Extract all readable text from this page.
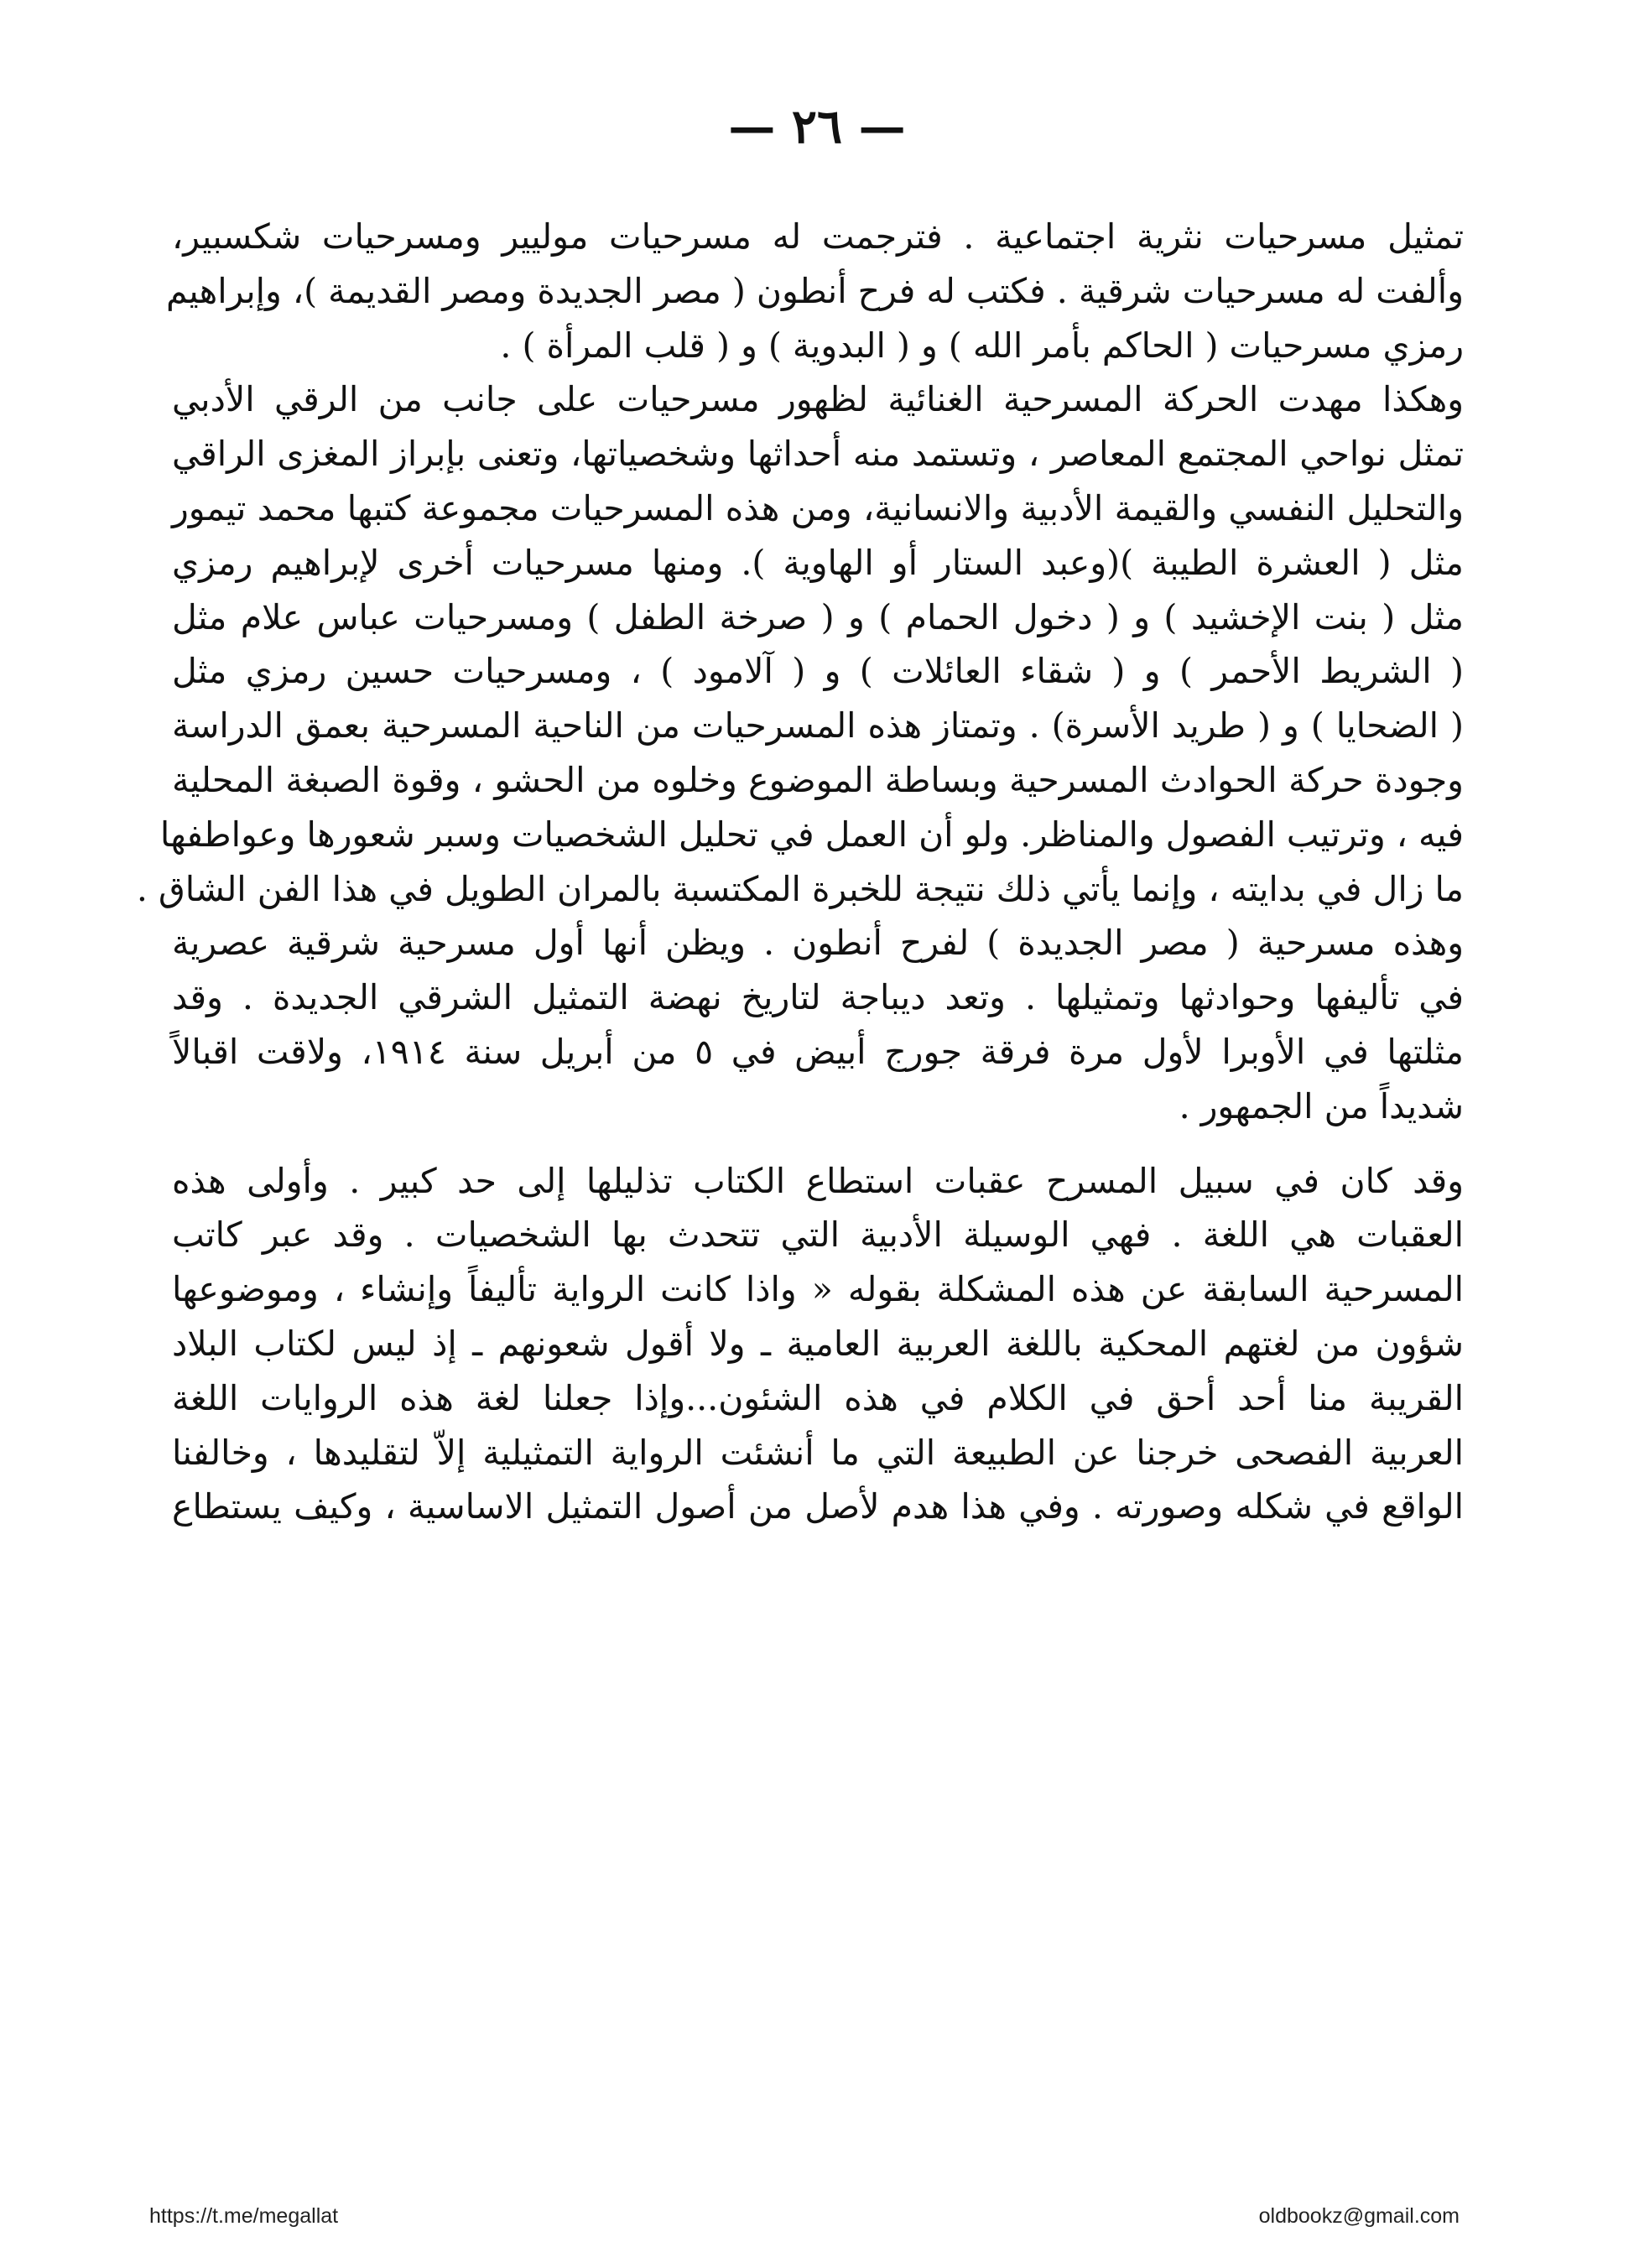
— ٢٦ —
تمثيل مسرحيات نثرية اجتماعية . فترجمت له مسرحيات موليير ومسرحيات شكسبير،
وألفت له مسرحيات شرقية . فكتب له فرح أنطون ( مصر الجديدة ومصر القديمة )، وإبراهيم
رمزي مسرحيات ( الحاكم بأمر الله ) و ( البدوية ) و ( قلب المرأة ) .
وهكذا مهدت الحركة المسرحية الغنائية لظهور مسرحيات على جانب من الرقي الأدبي
تمثل نواحي المجتمع المعاصر ، وتستمد منه أحداثها وشخصياتها، وتعنى بإبراز المغزى الراقي
والتحليل النفسي والقيمة الأدبية والانسانية، ومن هذه المسرحيات مجموعة كتبها محمد تيمور
مثل ( العشرة الطيبة )(وعبد الستار أو الهاوية ). ومنها مسرحيات أخرى لإبراهيم رمزي
مثل ( بنت الإخشيد ) و ( دخول الحمام ) و ( صرخة الطفل ) ومسرحيات عباس علام مثل
( الشريط الأحمر ) و ( شقاء العائلات ) و ( آلامود ) ، ومسرحيات حسين رمزي مثل
( الضحايا ) و ( طريد الأسرة) . وتمتاز هذه المسرحيات من الناحية المسرحية بعمق الدراسة
وجودة حركة الحوادث المسرحية وبساطة الموضوع وخلوه من الحشو ، وقوة الصبغة المحلية
فيه ، وترتيب الفصول والمناظر. ولو أن العمل في تحليل الشخصيات وسبر شعورها وعواطفها
ما زال في بدايته ، وإنما يأتي ذلك نتيجة للخبرة المكتسبة بالمران الطويل في هذا الفن الشاق .
وهذه مسرحية ( مصر الجديدة ) لفرح أنطون . ويظن أنها أول مسرحية شرقية عصرية
في تأليفها وحوادثها وتمثيلها . وتعد ديباجة لتاريخ نهضة التمثيل الشرقي الجديدة . وقد
مثلتها في الأوبرا لأول مرة فرقة جورج أبيض في ٥ من أبريل سنة ١٩١٤، ولاقت اقبالاً
شديداً من الجمهور .
وقد كان في سبيل المسرح عقبات استطاع الكتاب تذليلها إلى حد كبير . وأولى هذه
العقبات هي اللغة . فهي الوسيلة الأدبية التي تتحدث بها الشخصيات . وقد عبر كاتب
المسرحية السابقة عن هذه المشكلة بقوله « واذا كانت الرواية تأليفاً وإنشاء ، وموضوعها
شؤون من لغتهم المحكية باللغة العربية العامية ـ ولا أقول شعونهم ـ إذ ليس لكتاب البلاد
القريبة منا أحد أحق في الكلام في هذه الشئون...وإذا جعلنا لغة هذه الروايات اللغة
العربية الفصحى خرجنا عن الطبيعة التي ما أنشئت الرواية التمثيلية إلاّ لتقليدها ، وخالفنا
الواقع في شكله وصورته . وفي هذا هدم لأصل من أصول التمثيل الاساسية ، وكيف يستطاع
https://t.me/megallat	oldbookz@gmail.com
